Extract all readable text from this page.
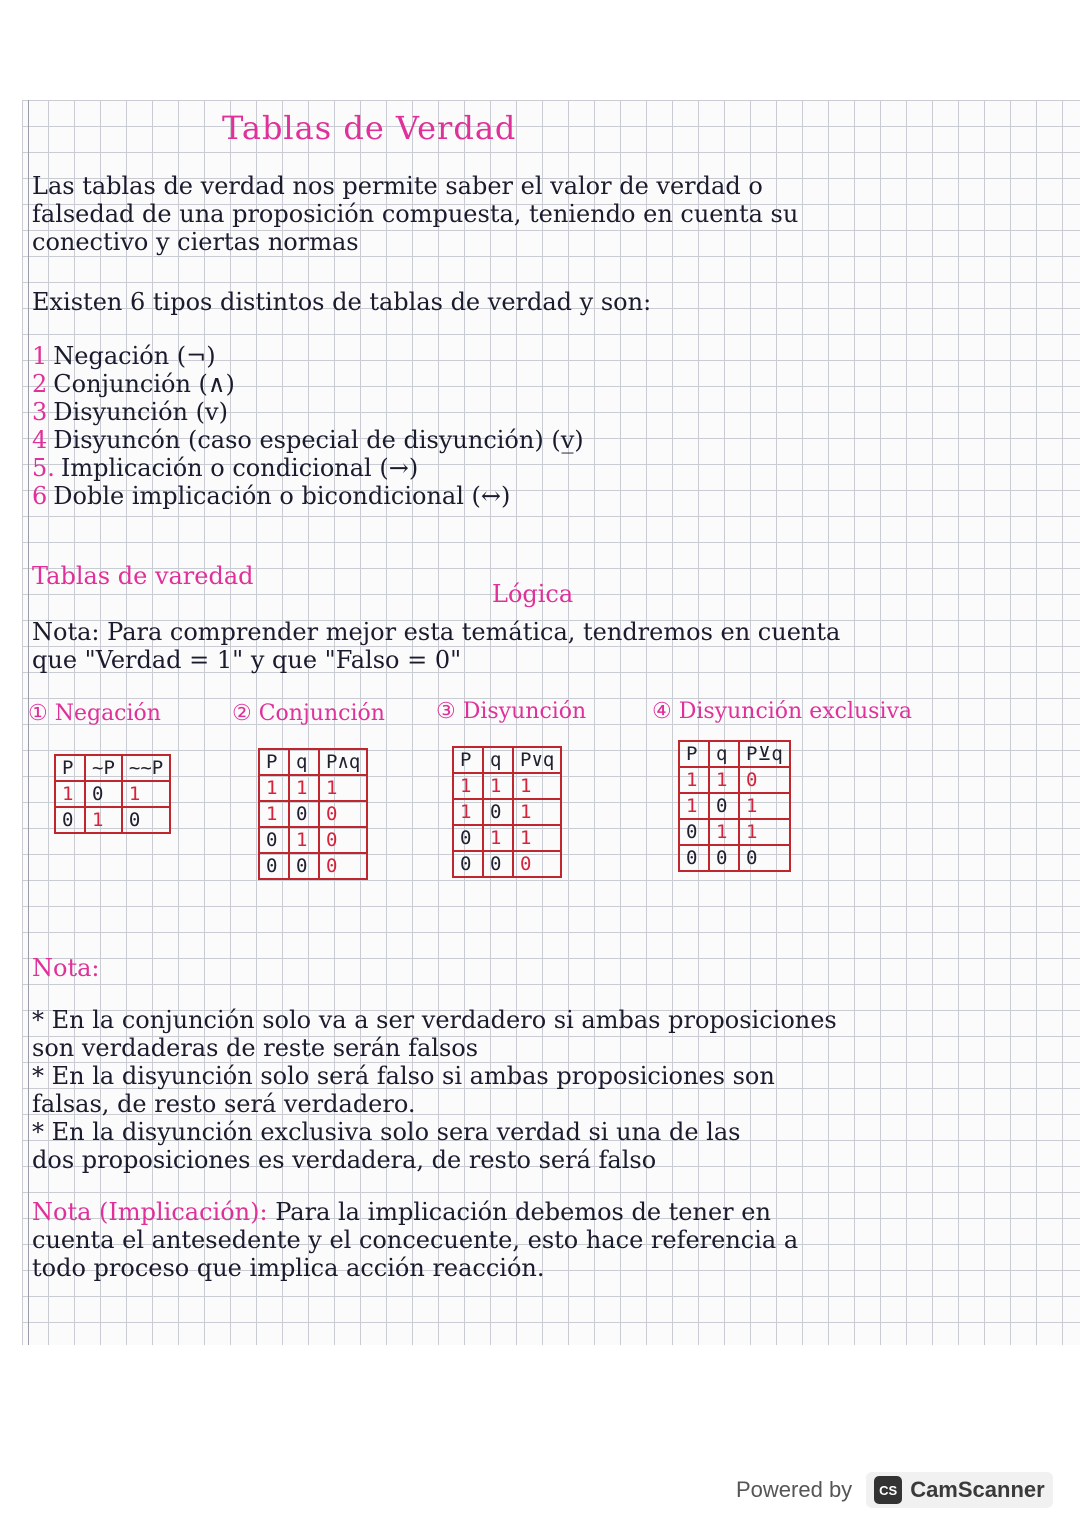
Tablas de Verdad
Las tablas de verdad nos permite saber el valor de verdad o
falsedad de una proposición compuesta, teniendo en cuenta su
conectivo y ciertas normas
Existen 6 tipos distintos de tablas de verdad y son:
1 Negación (¬)
2 Conjunción (∧)
3 Disyunción (v)
4 Disyuncón (caso especial de disyunción) (v̲)
5. Implicación o condicional (→)
6 Doble implicación o bicondicional (↔)
Tablas de varedad
Lógica
Nota: Para comprender mejor esta temática, tendremos en cuenta
que "Verdad = 1" y que "Falso = 0"
① Negación	② Conjunción ③ Disyunción	④ Disyunción exclusiva
P	~P	~~P
1	0	1
0	1	0
P	q	P∧q
1	1	1
1	0	0
0	1	0
0	0	0
P	q	P∨q
1	1	1
1	0	1
0	1	1
0	0	0
P	q	P⊻q
1	1	0
1	0	1
0	1	1
0	0	0
Nota:
* En la conjunción solo va a ser verdadero si ambas proposiciones
son verdaderas de reste serán falsos
* En la disyunción solo será falso si ambas proposiciones son
falsas, de resto será verdadero.
* En la disyunción exclusiva solo sera verdad si una de las
dos proposiciones es verdadera, de resto será falso
Nota (Implicación): Para la implicación debemos de tener en
cuenta el antesedente y el concecuente, esto hace referencia a
todo proceso que implica acción reacción.
Powered by	CS CamScanner
